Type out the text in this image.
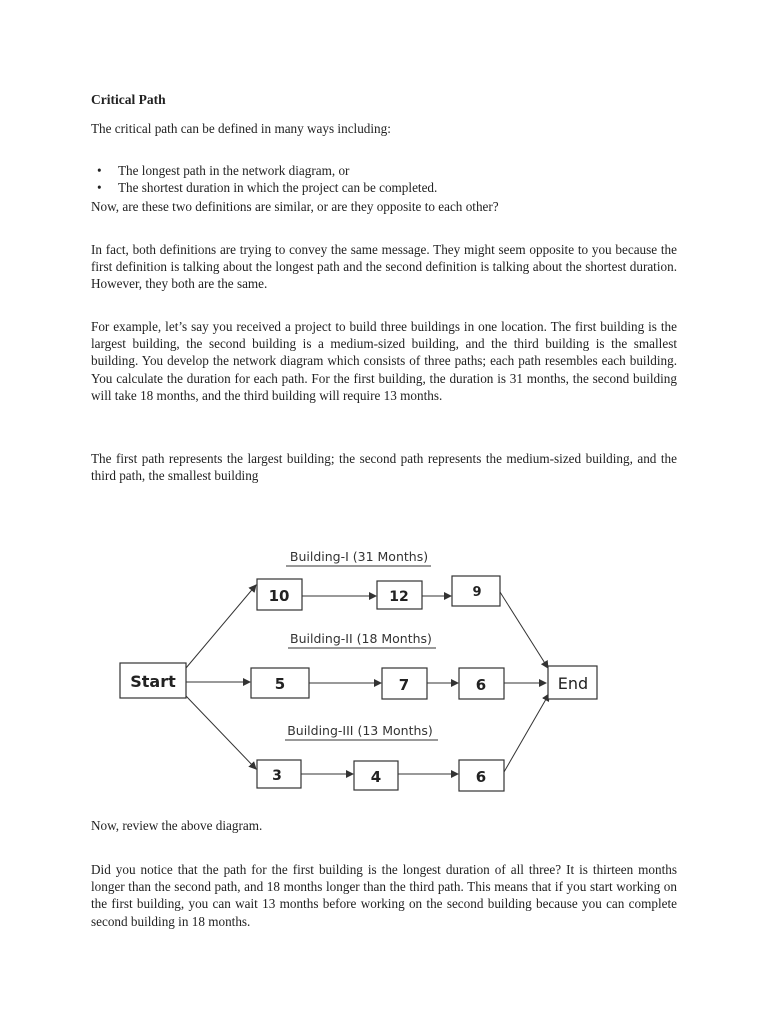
Critical Path
The critical path can be defined in many ways including:
•	The longest path in the network diagram, or
•	The shortest duration in which the project can be completed.
Now, are these two definitions are similar, or are they opposite to each other?
In fact, both definitions are trying to convey the same message. They might seem opposite to you because the first definition is talking about the longest path and the second definition is talking about the shortest duration. However, they both are the same.
For example, let’s say you received a project to build three buildings in one location. The first building is the largest building, the second building is a medium-sized building, and the third building is the smallest building. You develop the network diagram which consists of three paths; each path resembles each building. You calculate the duration for each path. For the first building, the duration is 31 months, the second building will take 18 months, and the third building will require 13 months.
The first path represents the largest building; the second path represents the medium-sized building, and the third path, the smallest building
Building-I (31 Months)
Building-II (18 Months)
Building-III (13 Months)
Start	End
10	12	9
5	7	6
3	4	6
Now, review the above diagram.
Did you notice that the path for the first building is the longest duration of all three? It is thirteen months longer than the second path, and 18 months longer than the third path. This means that if you start working on the first building, you can wait 13 months before working on the second building because you can complete second building in 18 months.
